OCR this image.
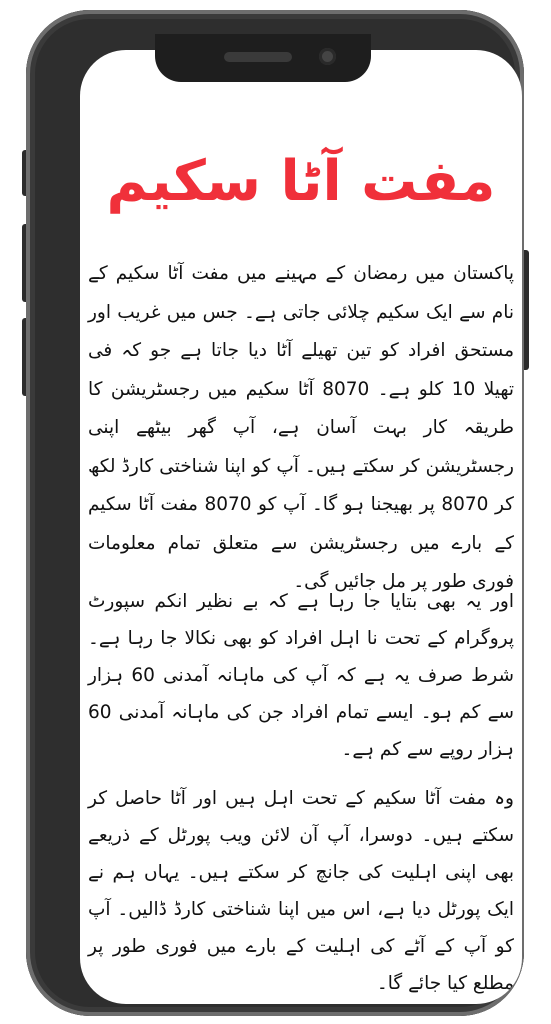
مفت آٹا سکیم
پاکستان میں رمضان کے مہینے میں مفت آٹا سکیم کے نام سے ایک سکیم چلائی جاتی ہے۔ جس میں غریب اور مستحق افراد کو تین تھیلے آٹا دیا جاتا ہے جو کہ فی تھیلا 10 کلو ہے۔ 8070 آٹا سکیم میں رجسٹریشن کا طریقہ کار بہت آسان ہے، آپ گھر بیٹھے اپنی رجسٹریشن کر سکتے ہیں۔ آپ کو اپنا شناختی کارڈ لکھ کر 8070 پر بھیجنا ہو گا۔ آپ کو 8070 مفت آٹا سکیم کے بارے میں رجسٹریشن سے متعلق تمام معلومات فوری طور پر مل جائیں گی۔
اور یہ بھی بتایا جا رہا ہے کہ بے نظیر انکم سپورٹ پروگرام کے تحت نا اہل افراد کو بھی نکالا جا رہا ہے۔ شرط صرف یہ ہے کہ آپ کی ماہانہ آمدنی 60 ہزار سے کم ہو۔ ایسے تمام افراد جن کی ماہانہ آمدنی 60 ہزار روپے سے کم ہے۔
وہ مفت آٹا سکیم کے تحت اہل ہیں اور آٹا حاصل کر سکتے ہیں۔ دوسرا، آپ آن لائن ویب پورٹل کے ذریعے بھی اپنی اہلیت کی جانچ کر سکتے ہیں۔ یہاں ہم نے ایک پورٹل دیا ہے، اس میں اپنا شناختی کارڈ ڈالیں۔ آپ کو آپ کے آٹے کی اہلیت کے بارے میں فوری طور پر مطلع کیا جائے گا۔
